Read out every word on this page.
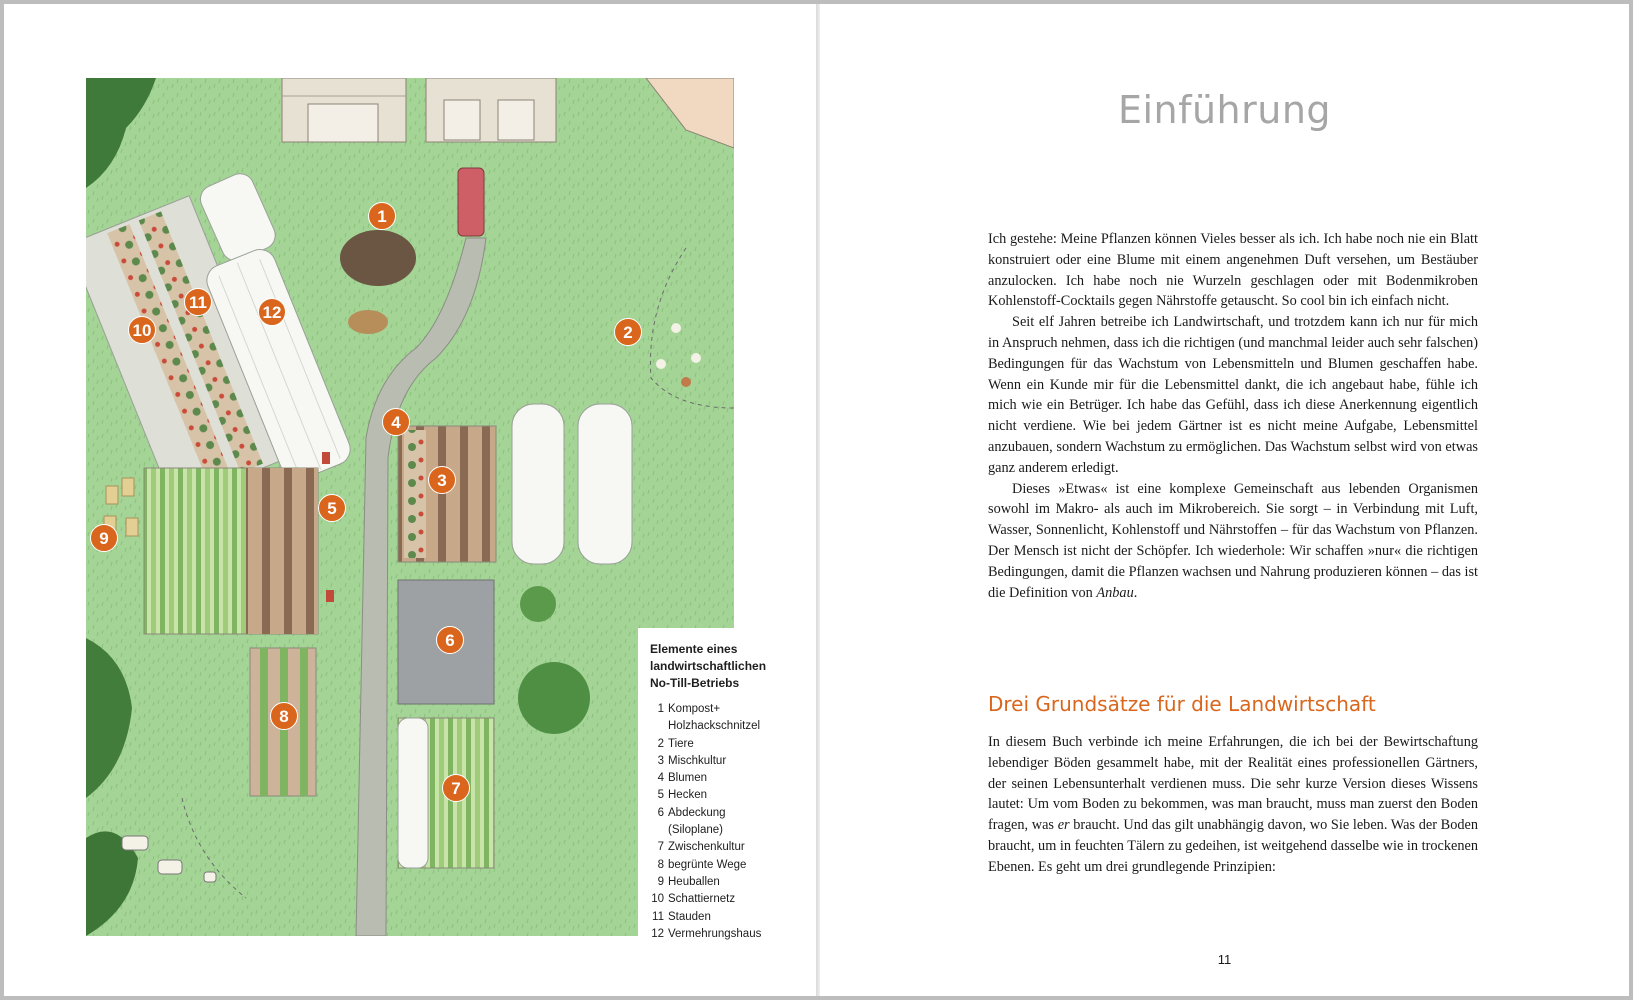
1
2
3
4
5
6
7
8
9
10
11
12
Elemente eines landwirtschaftlichen No-Till-Betriebs
1 Kompost+ Holzhackschnitzel
2 Tiere
3 Mischkultur
4 Blumen
5 Hecken
6 Abdeckung (Siloplane)
7 Zwischenkultur
8 begrünte Wege
9 Heuballen
10 Schattiernetz
11 Stauden
12 Vermehrungshaus
Einführung

Ich gestehe: Meine Pflanzen können Vieles besser als ich. Ich habe noch nie ein Blatt konstruiert oder eine Blume mit einem angenehmen Duft versehen, um Bestäuber anzulocken. Ich habe noch nie Wurzeln geschlagen oder mit Bodenmikroben Kohlenstoff-Cocktails gegen Nährstoffe getauscht. So cool bin ich einfach nicht.

Seit elf Jahren betreibe ich Landwirtschaft, und trotzdem kann ich nur für mich in Anspruch nehmen, dass ich die richtigen (und manchmal leider auch sehr falschen) Bedingungen für das Wachstum von Lebensmitteln und Blumen geschaffen habe. Wenn ein Kunde mir für die Lebensmittel dankt, die ich angebaut habe, fühle ich mich wie ein Betrüger. Ich habe das Gefühl, dass ich diese Anerkennung eigentlich nicht verdiene. Wie bei jedem Gärtner ist es nicht meine Aufgabe, Lebensmittel anzubauen, sondern Wachstum zu ermöglichen. Das Wachstum selbst wird von etwas ganz anderem erledigt.

Dieses »Etwas« ist eine komplexe Gemeinschaft aus lebenden Organismen sowohl im Makro- als auch im Mikrobereich. Sie sorgt – in Verbindung mit Luft, Wasser, Sonnenlicht, Kohlenstoff und Nährstoffen – für das Wachstum von Pflanzen. Der Mensch ist nicht der Schöpfer. Ich wiederhole: Wir schaffen »nur« die richtigen Bedingungen, damit die Pflanzen wachsen und Nahrung produzieren können – das ist die Definition von Anbau.

Drei Grundsätze für die Landwirtschaft

In diesem Buch verbinde ich meine Erfahrungen, die ich bei der Bewirtschaftung lebendiger Böden gesammelt habe, mit der Realität eines professionellen Gärtners, der seinen Lebensunterhalt verdienen muss. Die sehr kurze Version dieses Wissens lautet: Um vom Boden zu bekommen, was man braucht, muss man zuerst den Boden fragen, was er braucht. Und das gilt unabhängig davon, wo Sie leben. Was der Boden braucht, um in feuchten Tälern zu gedeihen, ist weitgehend dasselbe wie in trockenen Ebenen. Es geht um drei grundlegende Prinzipien:

11
